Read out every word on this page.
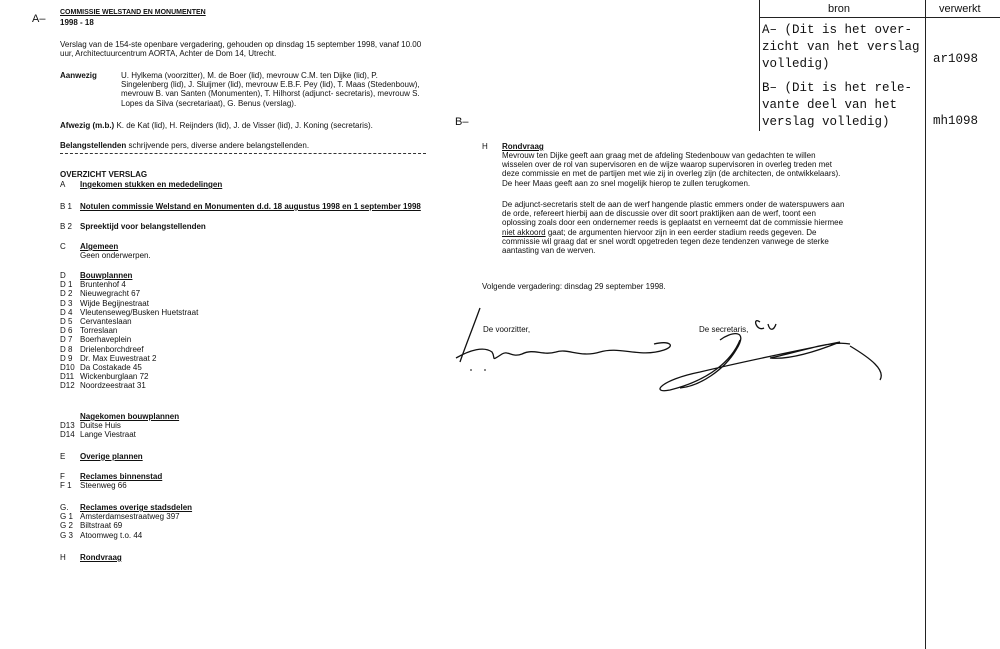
A–
B–
COMMISSIE WELSTAND EN MONUMENTEN
1998 - 18
Verslag van de 154-ste openbare vergadering, gehouden op dinsdag 15 september 1998, vanaf 10.00
uur, Architectuurcentrum AORTA, Achter de Dom 14, Utrecht.
Aanwezig	U. Hylkema (voorzitter), M. de Boer (lid), mevrouw C.M. ten Dijke (lid), P.
Singelenberg (lid), J. Sluijmer (lid), mevrouw E.B.F. Pey (lid), T. Maas (Stedenbouw),
mevrouw B. van Santen (Monumenten), T. Hilhorst (adjunct- secretaris), mevrouw S.
Lopes da Silva (secretariaat), G. Benus (verslag).
Afwezig (m.b.) K. de Kat (lid), H. Reijnders (lid), J. de Visser (lid), J. Koning (secretaris).
Belangstellenden schrijvende pers, diverse andere belangstellenden.
OVERZICHT VERSLAG
A Ingekomen stukken en mededelingen
B 1 Notulen commissie Welstand en Monumenten d.d. 18 augustus 1998 en 1 september 1998
B 2 Spreektijd voor belangstellenden
C Algemeen
Geen onderwerpen.
D Bouwplannen
D 1 Bruntenhof 4
D 2 Nieuwegracht 67
D 3 Wijde Begijnestraat
D 4 Vleutenseweg/Busken Huetstraat
D 5 Cervanteslaan
D 6 Torreslaan
D 7 Boerhaveplein
D 8 Drielenborchdreef
D 9 Dr. Max Euwestraat 2
D10 Da Costakade 45
D11 Wickenburglaan 72
D12 Noordzeestraat 31
Nagekomen bouwplannen
D13 Duitse Huis
D14 Lange Viestraat
E Overige plannen
F Reclames binnenstad
F 1 Steenweg 66
G. Reclames overige stadsdelen
G 1 Amsterdamsestraatweg 397
G 2 Biltstraat 69
G 3 Atoomweg t.o. 44
H Rondvraag
H Rondvraag
Mevrouw ten Dijke geeft aan graag met de afdeling Stedenbouw van gedachten te willen
wisselen over de rol van supervisoren en de wijze waarop supervisoren in overleg treden met
deze commissie en met de partijen met wie zij in overleg zijn (de architecten, de ontwikkelaars).
De heer Maas geeft aan zo snel mogelijk hierop te zullen terugkomen.
De adjunct-secretaris stelt de aan de werf hangende plastic emmers onder de waterspuwers aan
de orde, refereert hierbij aan de discussie over dit soort praktijken aan de werf, toont een
oplossing zoals door een ondernemer reeds is geplaatst en verneemt dat de commissie hiermee
niet akkoord gaat; de argumenten hiervoor zijn in een eerder stadium reeds gegeven. De
commissie wil graag dat er snel wordt opgetreden tegen deze tendenzen vanwege de sterke
aantasting van de werven.
Volgende vergadering: dinsdag 29 september 1998.
De voorzitter,	De secretaris,
bron	verwerkt
A– (Dit is het over-
zicht van het verslag
volledig)	ar1098
B– (Dit is het rele-
vante deel van het
verslag volledig)	mh1098
